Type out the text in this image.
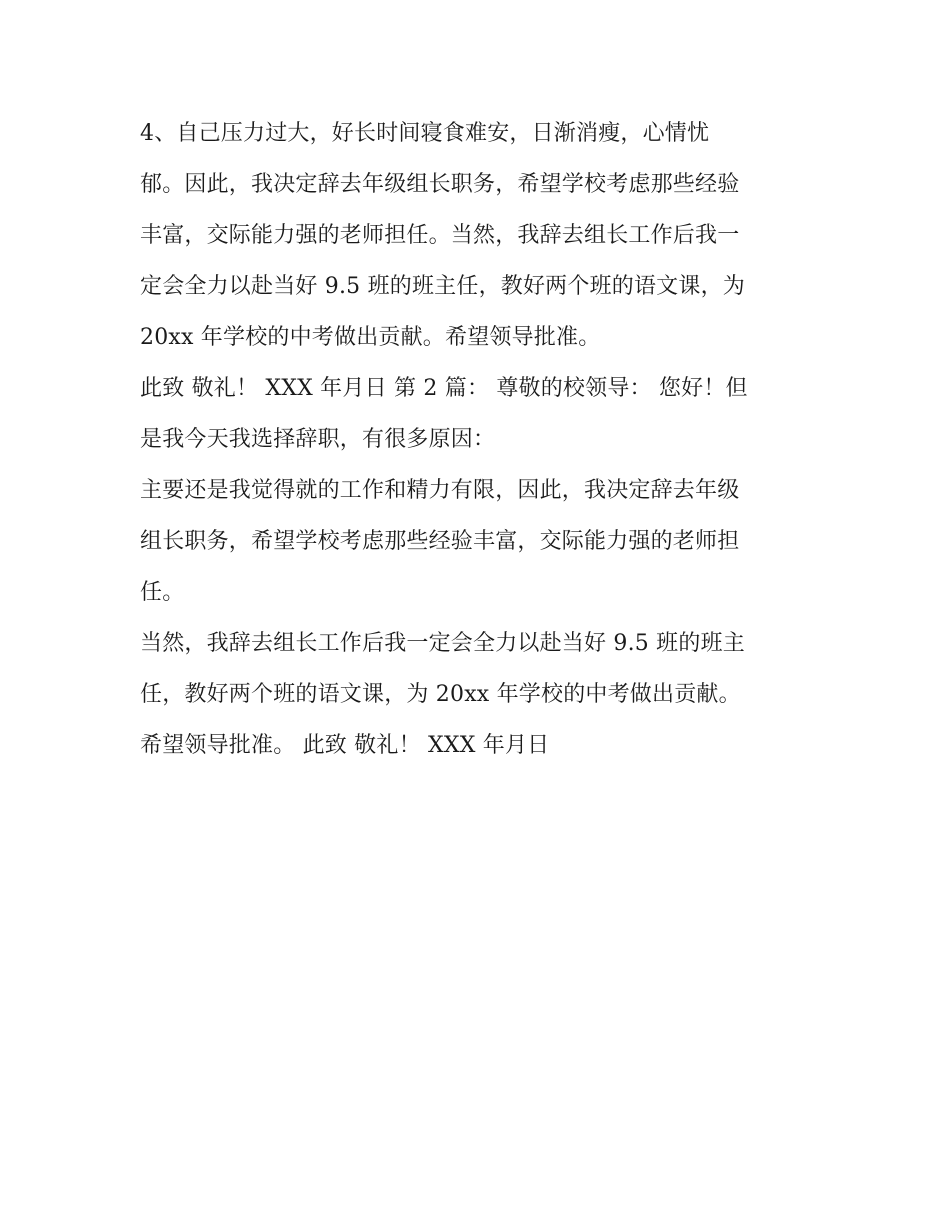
4、自己压力过大，好长时间寝食难安，日渐消瘦，心情忧
郁。因此，我决定辞去年级组长职务，希望学校考虑那些经验
丰富，交际能力强的老师担任。当然，我辞去组长工作后我一
定会全力以赴当好 9.5 班的班主任，教好两个班的语文课，为
20xx 年学校的中考做出贡献。希望领导批准。
此致 敬礼！ XXX 年月日 第 2 篇： 尊敬的校领导： 您好！但
是我今天我选择辞职，有很多原因：
主要还是我觉得就的工作和精力有限，因此，我决定辞去年级
组长职务，希望学校考虑那些经验丰富，交际能力强的老师担
任。
当然，我辞去组长工作后我一定会全力以赴当好 9.5 班的班主
任，教好两个班的语文课，为 20xx 年学校的中考做出贡献。
希望领导批准。 此致 敬礼！ XXX 年月日
